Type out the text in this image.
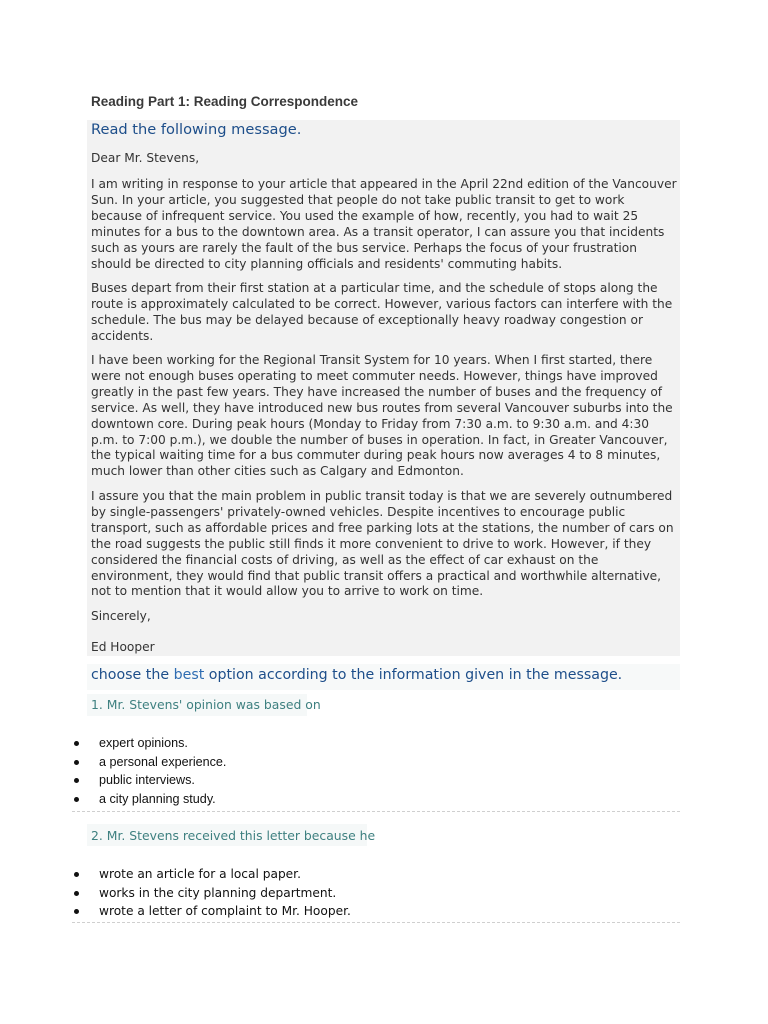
Reading Part 1: Reading Correspondence
Read the following message.

Dear Mr. Stevens,

I am writing in response to your article that appeared in the April 22nd edition of the Vancouver Sun. In your article, you suggested that people do not take public transit to get to work because of infrequent service. You used the example of how, recently, you had to wait 25 minutes for a bus to the downtown area. As a transit operator, I can assure you that incidents such as yours are rarely the fault of the bus service. Perhaps the focus of your frustration should be directed to city planning officials and residents' commuting habits.

Buses depart from their first station at a particular time, and the schedule of stops along the route is approximately calculated to be correct. However, various factors can interfere with the schedule. The bus may be delayed because of exceptionally heavy roadway congestion or accidents.

I have been working for the Regional Transit System for 10 years. When I first started, there were not enough buses operating to meet commuter needs. However, things have improved greatly in the past few years. They have increased the number of buses and the frequency of service. As well, they have introduced new bus routes from several Vancouver suburbs into the downtown core. During peak hours (Monday to Friday from 7:30 a.m. to 9:30 a.m. and 4:30 p.m. to 7:00 p.m.), we double the number of buses in operation. In fact, in Greater Vancouver, the typical waiting time for a bus commuter during peak hours now averages 4 to 8 minutes, much lower than other cities such as Calgary and Edmonton.

I assure you that the main problem in public transit today is that we are severely outnumbered by single-passengers' privately-owned vehicles. Despite incentives to encourage public transport, such as affordable prices and free parking lots at the stations, the number of cars on the road suggests the public still finds it more convenient to drive to work. However, if they considered the financial costs of driving, as well as the effect of car exhaust on the environment, they would find that public transit offers a practical and worthwhile alternative, not to mention that it would allow you to arrive to work on time.

Sincerely,

Ed Hooper

choose the best option according to the information given in the message.
1. Mr. Stevens' opinion was based on
expert opinions.
a personal experience.
public interviews.
a city planning study.
2. Mr. Stevens received this letter because he
wrote an article for a local paper.
works in the city planning department.
wrote a letter of complaint to Mr. Hooper.
